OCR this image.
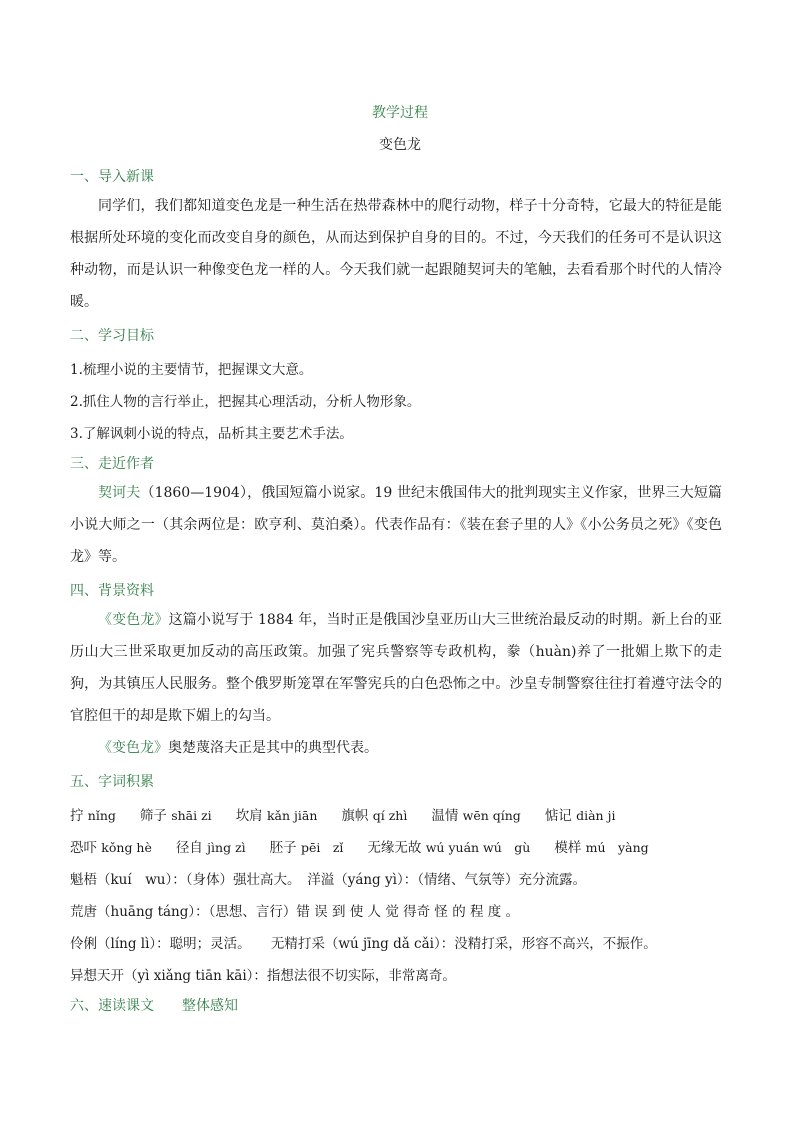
教学过程
变色龙
一、导入新课

同学们，我们都知道变色龙是一种生活在热带森林中的爬行动物，样子十分奇特，它最大的特征是能根据所处环境的变化而改变自身的颜色，从而达到保护自身的目的。不过，今天我们的任务可不是认识这种动物，而是认识一种像变色龙一样的人。今天我们就一起跟随契诃夫的笔触，去看看那个时代的人情冷暖。

二、学习目标
1.梳理小说的主要情节，把握课文大意。
2.抓住人物的言行举止，把握其心理活动，分析人物形象。
3.了解讽刺小说的特点，品析其主要艺术手法。
三、走近作者

契诃夫（1860—1904），俄国短篇小说家。19 世纪末俄国伟大的批判现实主义作家，世界三大短篇小说大师之一（其余两位是：欧亨利、莫泊桑）。代表作品有：《装在套子里的人》《小公务员之死》《变色龙》等。

四、背景资料

《变色龙》这篇小说写于 1884 年，当时正是俄国沙皇亚历山大三世统治最反动的时期。新上台的亚历山大三世采取更加反动的高压政策。加强了宪兵警察等专政机构，豢（huàn)养了一批媚上欺下的走狗，为其镇压人民服务。整个俄罗斯笼罩在军警宪兵的白色恐怖之中。沙皇专制警察往往打着遵守法令的官腔但干的却是欺下媚上的勾当。

《变色龙》奥楚蔑洛夫正是其中的典型代表。

五、字词积累
拧 nǐng 筛子 shāi zi 坎肩 kǎn jiān 旗帜 qí zhì 温情 wēn qíng 惦记 diàn ji
恐吓 kǒng hè 径自 jìng zì 胚子 pēi　zǐ 无缘无故 wú yuán wú　gù 模样 mú　yàng
魁梧（kuí　wu）：（身体）强壮高大。　洋溢（yáng yì）：（情绪、气氛等）充分流露。
荒唐（huāng táng）：（思想、言行）错 误 到 使 人 觉 得奇 怪 的 程 度 。
伶俐（líng lì）：聪明；灵活。　　无精打采（wú jīng dǎ cǎi）：没精打采，形容不高兴，不振作。
异想天开（yì xiǎng tiān kāi）：指想法很不切实际，非常离奇。
六、速读课文　　整体感知
